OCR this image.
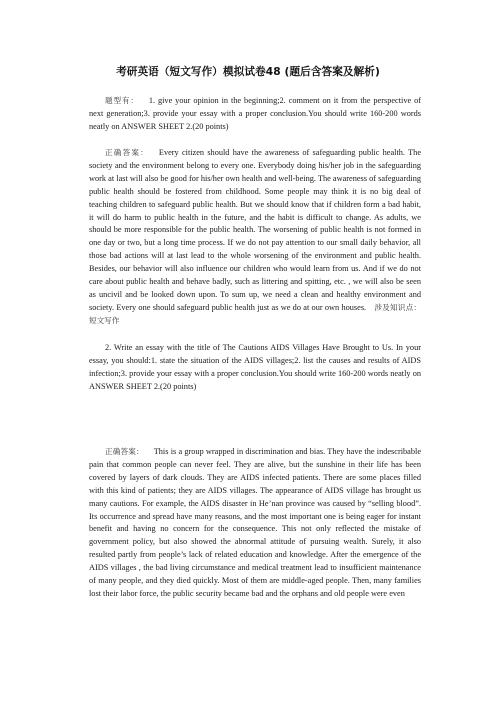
考研英语（短文写作）模拟试卷48 (题后含答案及解析)

题型有： 1. give your opinion in the beginning;2. comment on it from the perspective of next generation;3. provide your essay with a proper conclusion.You should write 160-200 words neatly on ANSWER SHEET 2.(20 points)

正确答案： Every citizen should have the awareness of safeguarding public health. The society and the environment belong to every one. Everybody doing his/her job in the safeguarding work at last will also be good for his/her own health and well-being. The awareness of safeguarding public health should be fostered from childhood. Some people may think it is no big deal of teaching children to safeguard public health. But we should know that if children form a bad habit, it will do harm to public health in the future, and the habit is difficult to change. As adults, we should be more responsible for the public health. The worsening of public health is not formed in one day or two, but a long time process. If we do not pay attention to our small daily behavior, all those bad actions will at last lead to the whole worsening of the environment and public health. Besides, our behavior will also influence our children who would learn from us. And if we do not care about public health and behave badly, such as littering and spitting, etc. , we will also be seen as uncivil and be looked down upon. To sum up, we need a clean and healthy environment and society. Every one should safeguard public health just as we do at our own houses. 涉及知识点：短文写作

2. Write an essay with the title of The Cautions AIDS Villages Have Brought to Us. In your essay, you should:1. state the situation of the AIDS villages;2. list the causes and results of AIDS infection;3. provide your essay with a proper conclusion.You should write 160-200 words neatly on ANSWER SHEET 2.(20 points)

正确答案： This is a group wrapped in discrimination and bias. They have the indescribable pain that common people can never feel. They are alive, but the sunshine in their life has been covered by layers of dark clouds. They are AIDS infected patients. There are some places filled with this kind of patients; they are AIDS villages. The appearance of AIDS village has brought us many cautions. For example, the AIDS disaster in He’nan province was caused by “selling blood”. Its occurrence and spread have many reasons, and the most important one is being eager for instant benefit and having no concern for the consequence. This not only reflected the mistake of government policy, but also showed the abnormal attitude of pursuing wealth. Surely, it also resulted partly from people’s lack of related education and knowledge. After the emergence of the AIDS villages , the bad living circumstance and medical treatment lead to insufficient maintenance of many people, and they died quickly. Most of them are middle-aged people. Then, many families lost their labor force, the public security became bad and the orphans and old people were even
